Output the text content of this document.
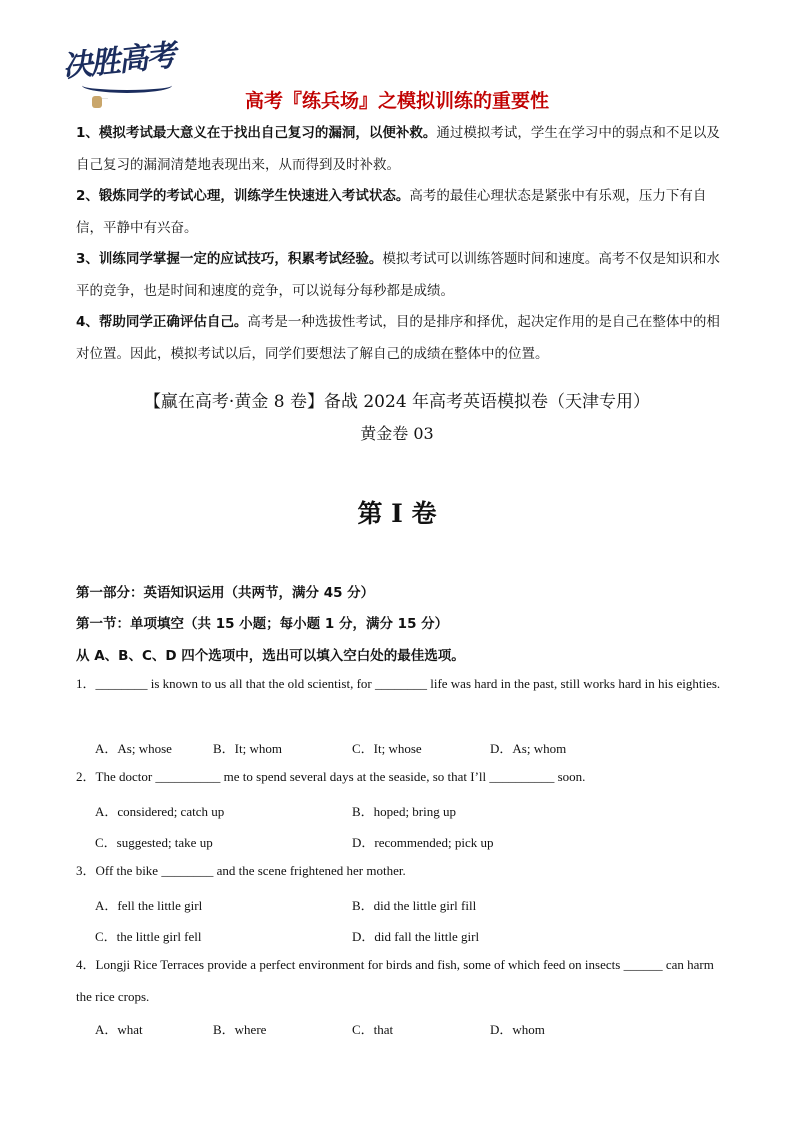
决胜高考
…	高考『练兵场』之模拟训练的重要性

1、模拟考试最大意义在于找出自己复习的漏洞，以便补救。通过模拟考试，学生在学习中的弱点和不足以及自己复习的漏洞清楚地表现出来，从而得到及时补救。

2、锻炼同学的考试心理，训练学生快速进入考试状态。高考的最佳心理状态是紧张中有乐观，压力下有自信，平静中有兴奋。

3、训练同学掌握一定的应试技巧，积累考试经验。模拟考试可以训练答题时间和速度。高考不仅是知识和水平的竞争，也是时间和速度的竞争，可以说每分每秒都是成绩。

4、帮助同学正确评估自己。高考是一种选拔性考试，目的是排序和择优，起决定作用的是自己在整体中的相对位置。因此，模拟考试以后，同学们要想法了解自己的成绩在整体中的位置。

【赢在高考·黄金 8 卷】备战 2024 年高考英语模拟卷（天津专用）
黄金卷 03
第 I 卷
第一部分：英语知识运用（共两节，满分 45 分）
第一节：单项填空（共 15 小题；每小题 1 分，满分 15 分）
从 A、B、C、D 四个选项中，选出可以填入空白处的最佳选项。
1．________ is known to us all that the old scientist, for ________ life was hard in the past, still works hard in his eighties.
A．As; whose	B．It; whom	C．It; whose	D．As; whom
2．The doctor __________ me to spend several days at the seaside, so that I’ll __________ soon.
A．considered; catch up	B．hoped; bring up
C．suggested; take up	D．recommended; pick up
3．Off the bike ________ and the scene frightened her mother.
A．fell the little girl	B．did the little girl fill
C．the little girl fell	D．did fall the little girl
4．Longji Rice Terraces provide a perfect environment for birds and fish, some of which feed on insects ______ can harm the rice crops.
A．what	B．where	C．that	D．whom
